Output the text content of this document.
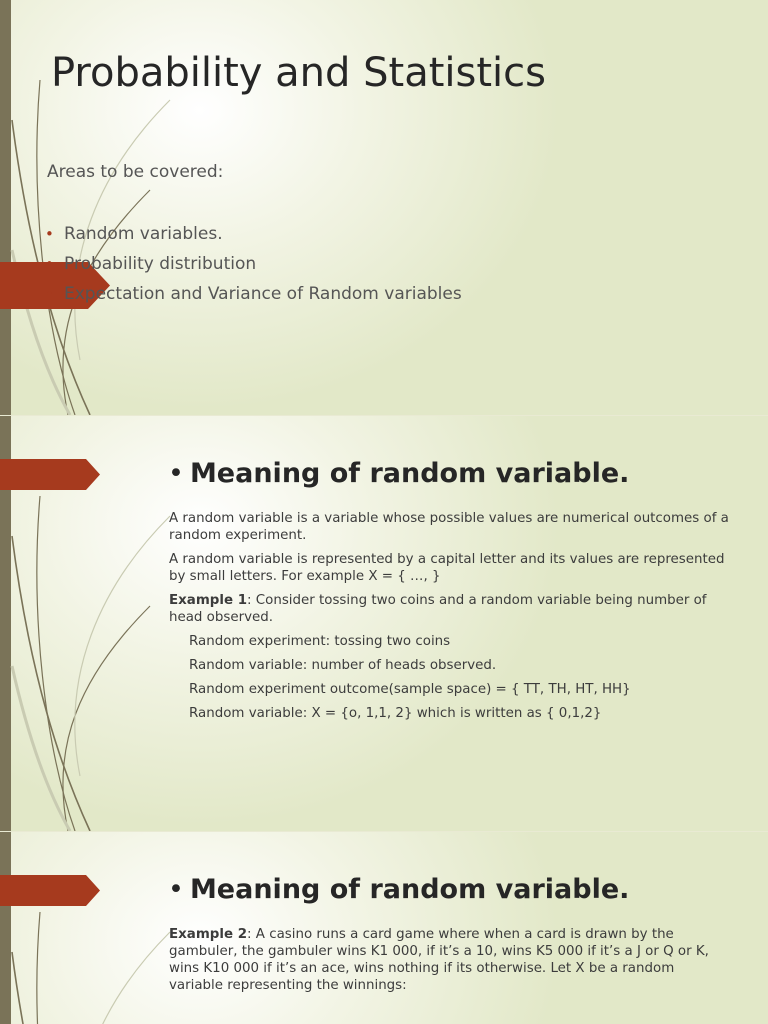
Probability and Statistics

Areas to be covered:

• Random variables.
• Probability distribution
• Expectation and Variance of Random variables
• Meaning of random variable.

A random variable is a variable whose possible values are numerical outcomes of a random experiment.

A random variable is represented by a capital letter and its values are represented by small letters. For example X = { …, }

Example 1: Consider tossing two coins and a random variable being number of head observed.

Random experiment: tossing two coins
Random variable: number of heads observed.
Random experiment outcome(sample space) = { TT, TH, HT, HH}
Random variable: X = {o, 1,1, 2} which is written as { 0,1,2}
• Meaning of random variable.

Example 2: A casino runs a card game where when a card is drawn by the gambuler, the gambuler wins K1 000, if it’s a 10, wins K5 000 if it’s a J or Q or K, wins K10 000 if it’s an ace, wins nothing if its otherwise. Let X be a random variable representing the winnings:
